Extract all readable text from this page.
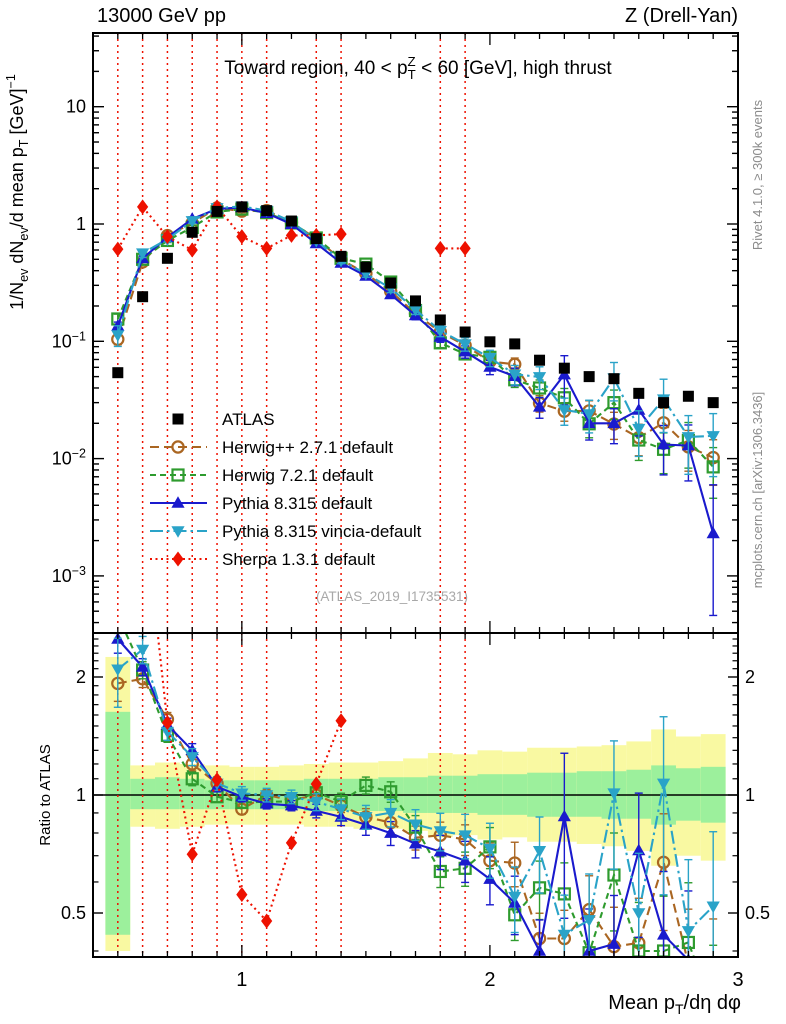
13000 GeV pp	Z (Drell-Yan)
(ATLAS_2019_I1735531)
Rivet 4.1.0, ≥ 300k events
mcplots.cern.ch [arXiv:1306.3436]
Ratio to ATLAS
10
1
$10^{-1}$
$10^{-2}$
$10^{-3}$
2	2
1	1
0.5	0.5
1	2	3
ATLAS
Herwig++ 2.7.1 default
Herwig 7.2.1 default
Pythia 8.315 default
Pythia 8.315 vincia-default
Sherpa 1.3.1 default
Toward region, $40 < p^Z$ T < 60 [GeV], high thrust
$1/N_{ev}$ $dN_{ev}/d$ mean $p_T$ [GeV]$^{-1}$
Mean $p_T/d\eta$ dφ
